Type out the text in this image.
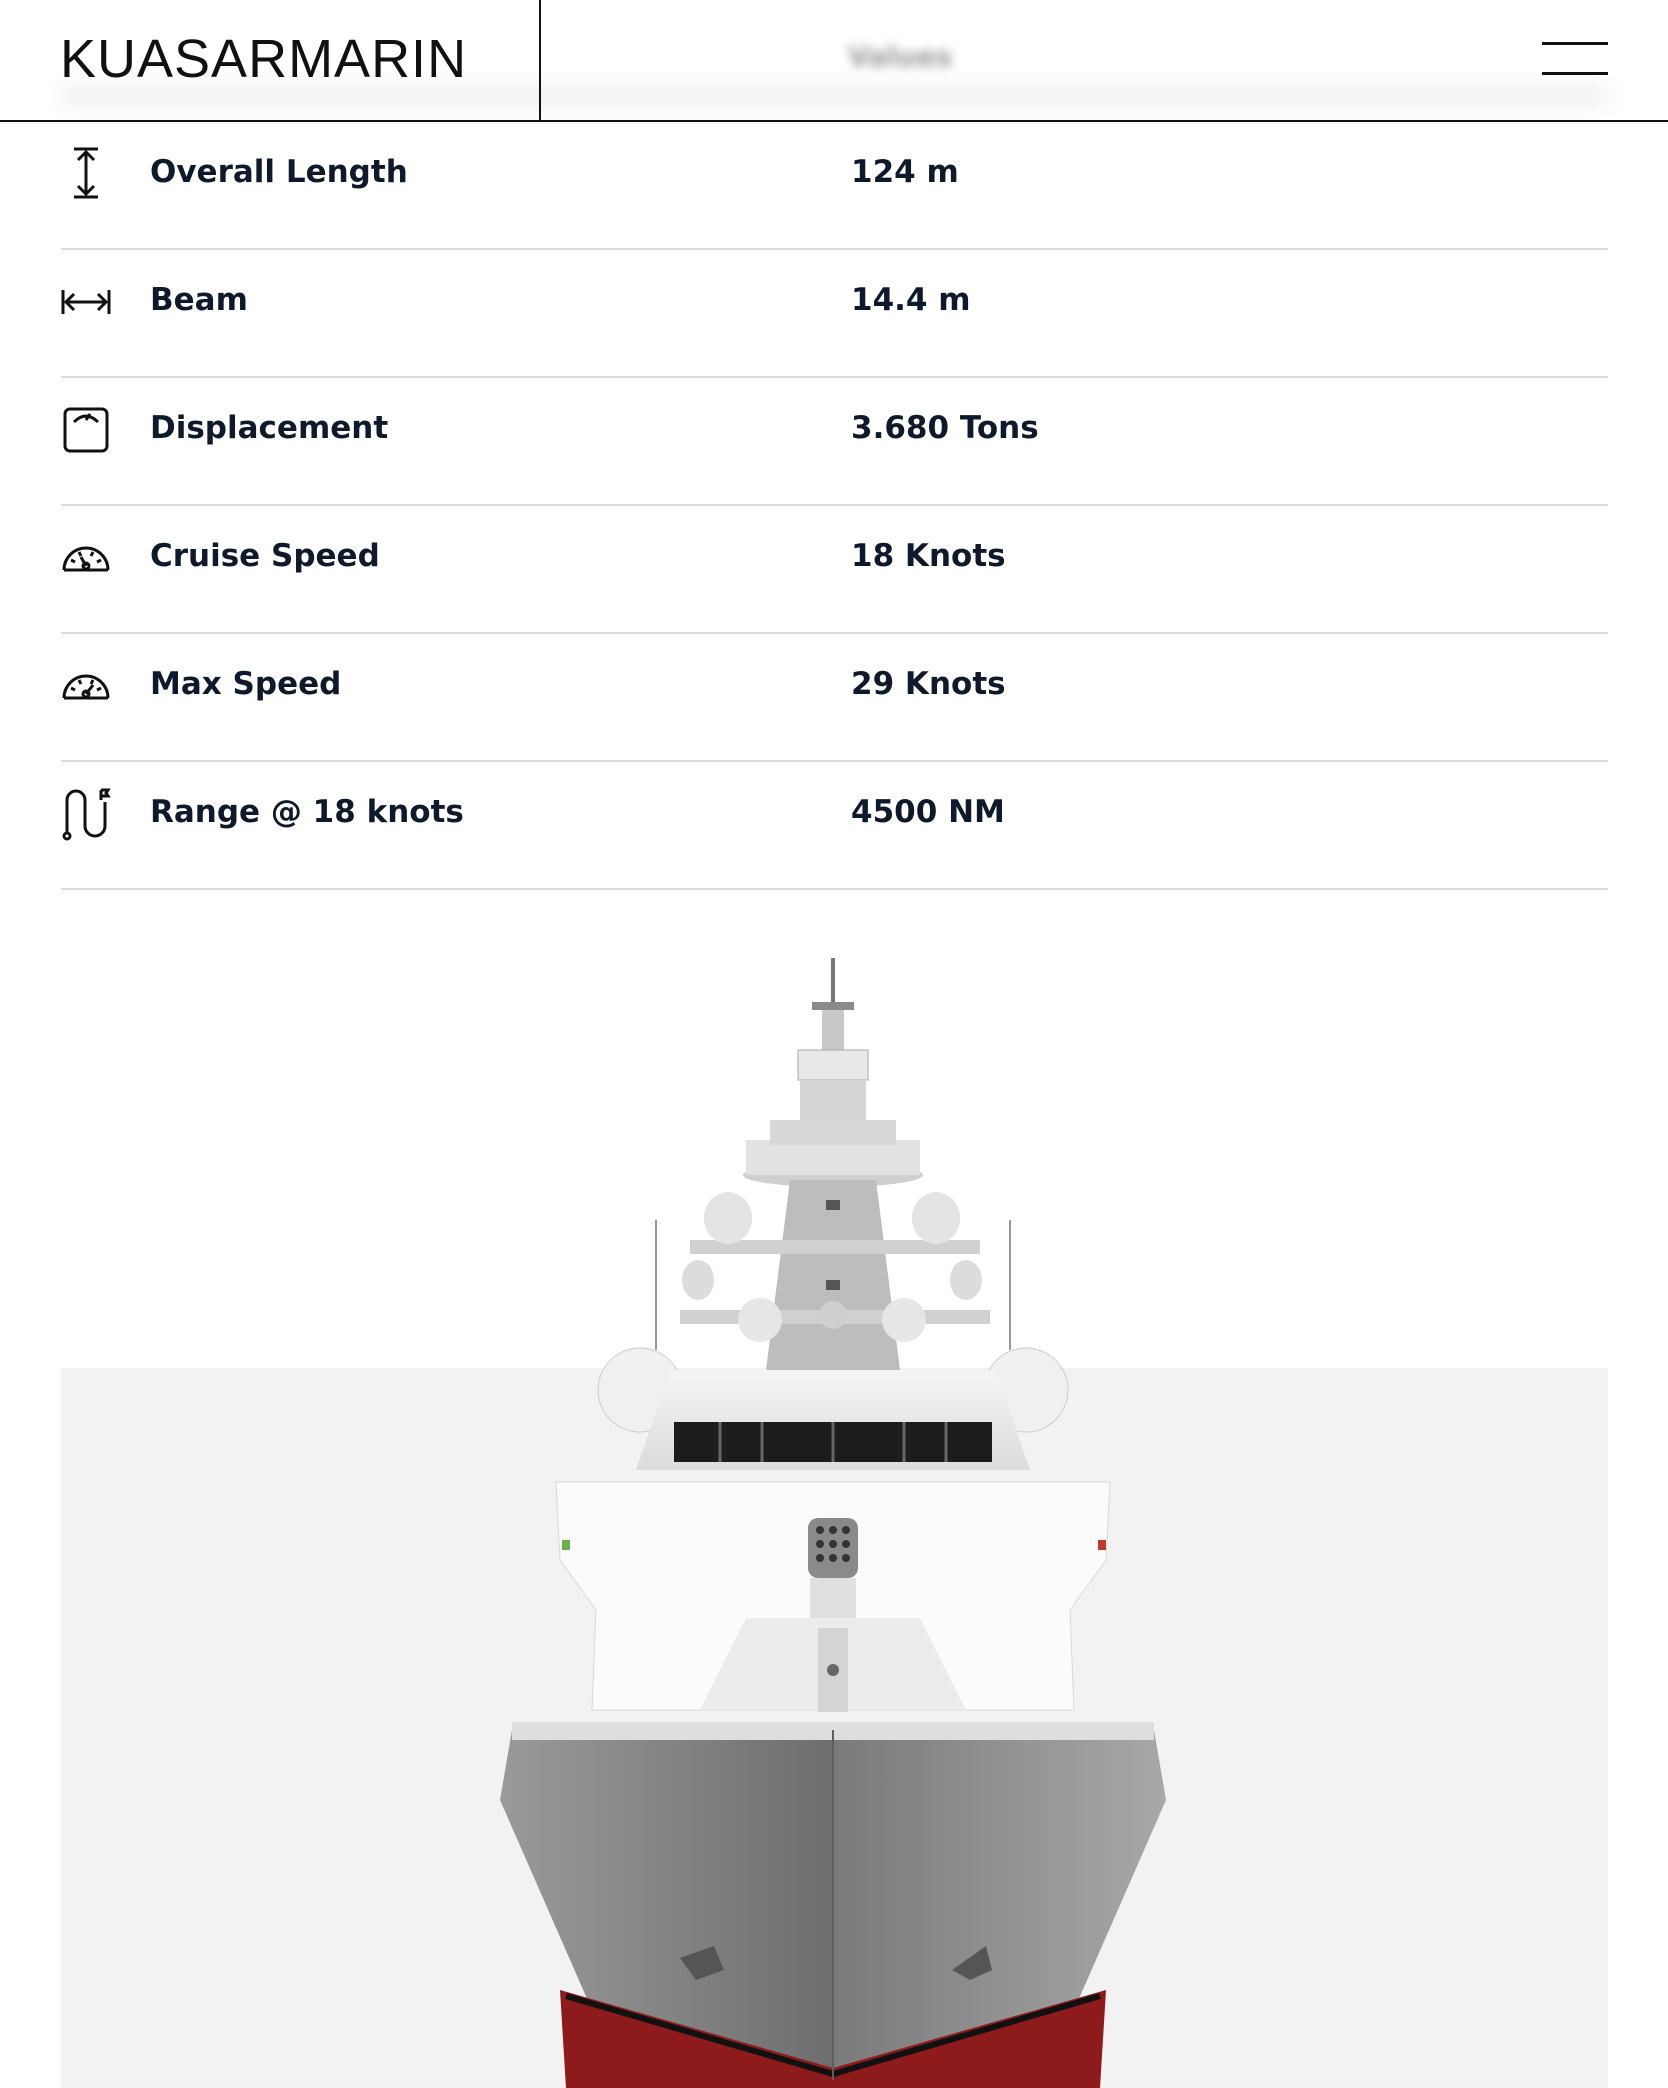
KUASARMARIN	Values
Overall Length	124 m
Beam	14.4 m
Displacement	3.680 Tons
Cruise Speed	18 Knots
Max Speed	29 Knots
Range @ 18 knots	4500 NM
